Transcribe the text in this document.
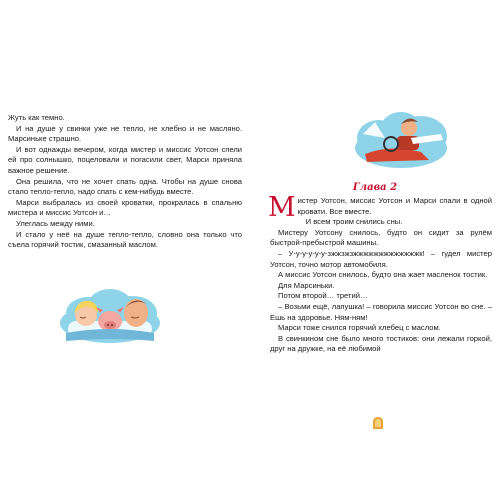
Жуть как темно.

И на душе у свинки уже не тепло, не хлебно и не масляно. Марсиньке страшно.

И вот однажды вечером, когда мистер и миссис Уотсон спели ей про солнышко, поцеловали и погасили свет, Марси приняла важное решение.

Она решила, что не хочет спать одна. Чтобы на душе снова стало тепло-тепло, надо спать с кем-нибудь вместе.

Марси выбралась из своей кроватки, прокралась в спальню мистера и миссис Уотсон и…

Улеглась между ними.

И стало у неё на душе тепло-тепло, словно она только что съела горячий тостик, смазанный маслом.

Мистер Уотсон, миссис Уотсон и Марси спали в одной кровати. Все вместе.

И всем троим снились сны.

Мистеру Уотсону снилось, будто он сидит за рулём быстрой-пребыстрой машины.

– У-у-у-у-у-у-зжжзжзжжжжжжжжжжжжжк! – гудел мистер Уотсон, точно мотор автомобиля.

А миссис Уотсон снилось, будто она жает масленок тостик.

Для Марсиньки.

Потом второй… третий…

– Возьми ещё, лапушка! – говорила миссис Уотсон во сне. – Ешь на здоровье. Ням-ням!

Марси тоже снился горячий хлебец с маслом.

В свинкином сне было много тостиков: они лежали горкой, друг на дружке, на её любимой

Глава 2
